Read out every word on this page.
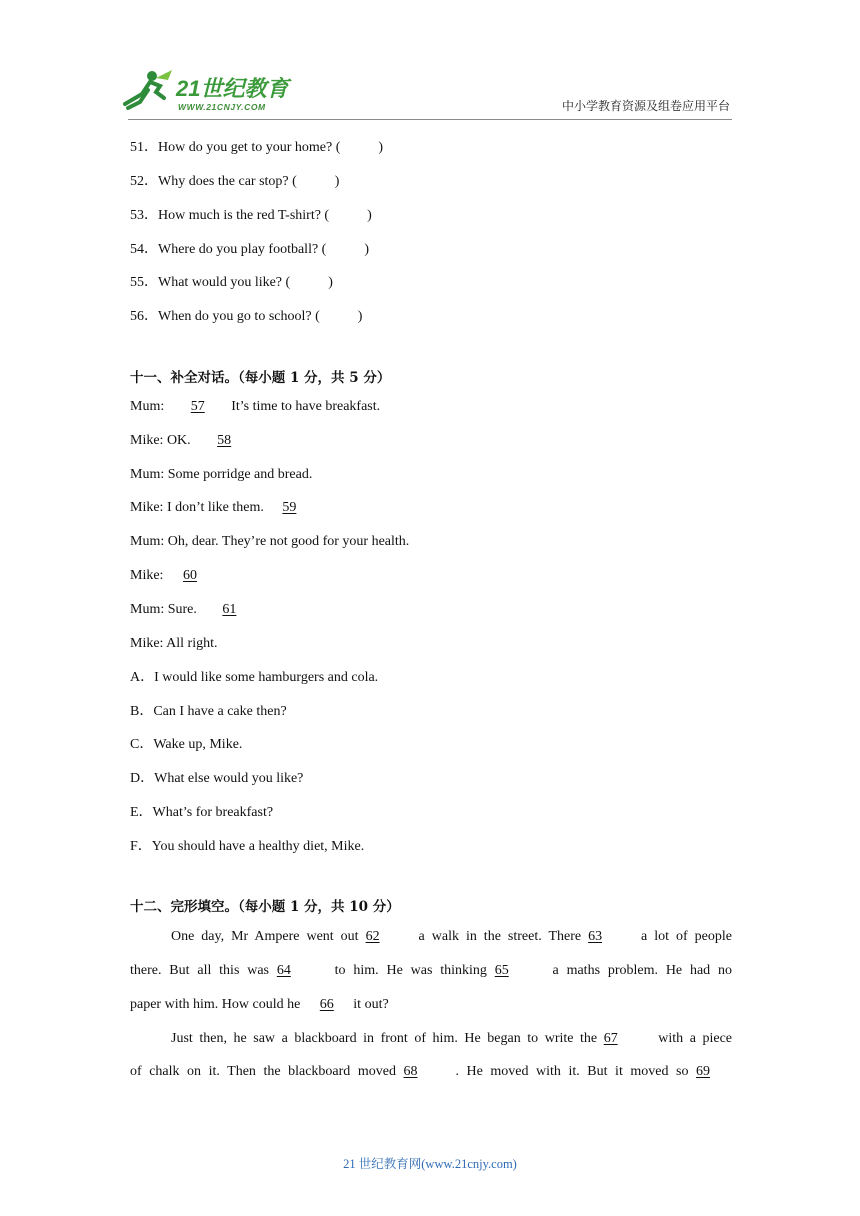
21世纪教育
WWW.21CNJY.COM	中小学教育资源及组卷应用平台
51．How do you get to your home? (	)
52．Why does the car stop? (	)
53．How much is the red T-shirt? (	)
54．Where do you play football? (	)
55．What would you like? (	)
56．When do you go to school? (	)
十一、补全对话。（每小题 1 分，共 5 分）
Mum: 57 It’s time to have breakfast.
Mike: OK. 58
Mum: Some porridge and bread.
Mike: I don’t like them. 59
Mum: Oh, dear. They’re not good for your health.
Mike: 60
Mum: Sure. 61
Mike: All right.
A．I would like some hamburgers and cola.
B．Can I have a cake then?
C．Wake up, Mike.
D．What else would you like?
E．What’s for breakfast?
F．You should have a healthy diet, Mike.
十二、完形填空。（每小题 1 分，共 10 分）
One day, Mr Ampere went out 62 a walk in the street. There 63 a lot of people
there. But all this was 64	to him. He was thinking 65	a maths problem. He had no
paper with him. How could he 66 it out?
Just then, he saw a blackboard in front of him. He began to write the 67 with a piece
of chalk on it. Then the blackboard moved 68	. He moved with it. But it moved so 69
21 世纪教育网(www.21cnjy.com)
